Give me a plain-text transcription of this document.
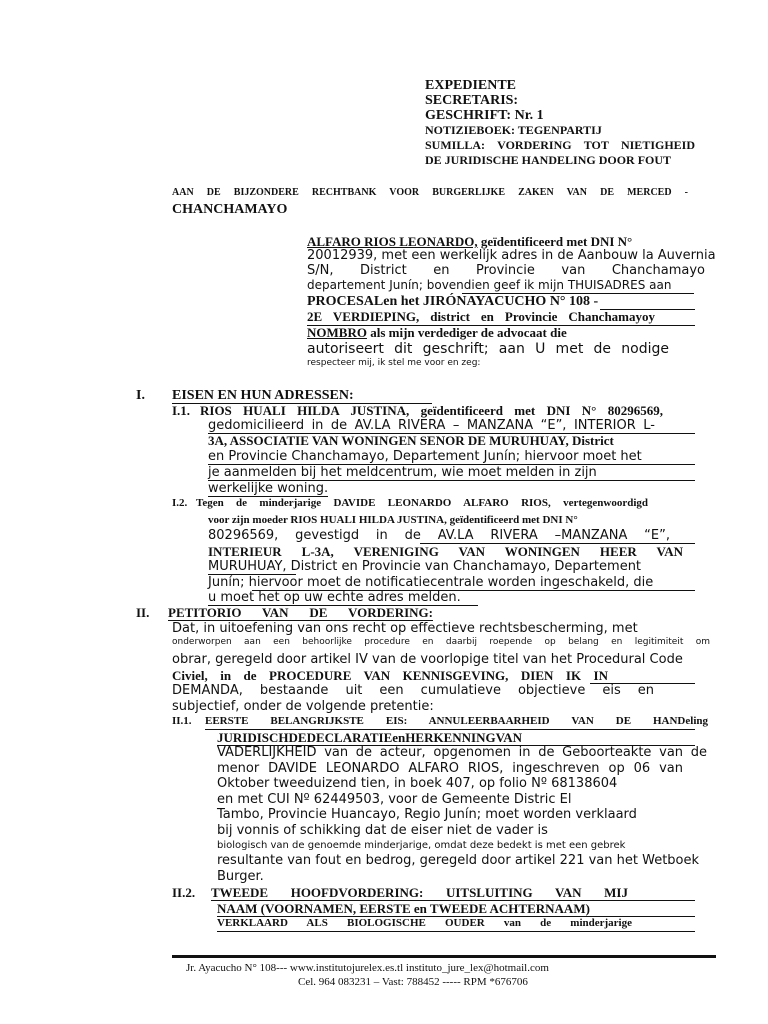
EXPEDIENTE
SECRETARIS:
GESCHRIFT: Nr. 1
NOTIZIEBOEK: TEGENPARTIJ
SUMILLA: VORDERING TOT NIETIGHEID
DE JURIDISCHE HANDELING DOOR FOUT
AAN DE BIJZONDERE RECHTBANK VOOR BURGERLIJKE ZAKEN VAN DE MERCED -
CHANCHAMAYO
ALFARO RIOS LEONARDO, geïdentificeerd met DNI N°
20012939, met een werkelijk adres in de Aanbouw la Auvernia
S/N, District en Provincie van Chanchamayo
departement Junín; bovendien geef ik mijn THUISADRES aan
PROCESALen het JIRÓNAYACUCHO N° 108 -
2E VERDIEPING, district en Provincie Chanchamayoy
NOMBRO als mijn verdediger de advocaat die
autoriseert dit geschrift; aan U met de nodige
respecteer mij, ik stel me voor en zeg:
I. EISEN EN HUN ADRESSEN:
I.1. RIOS HUALI HILDA JUSTINA, geïdentificeerd met DNI N° 80296569,
gedomicilieerd in de AV.LA RIVERA – MANZANA “E”, INTERIOR L-
3A, ASSOCIATIE VAN WONINGEN SENOR DE MURUHUAY, District
en Provincie Chanchamayo, Departement Junín; hiervoor moet het
je aanmelden bij het meldcentrum, wie moet melden in zijn
werkelijke woning.
I.2. Tegen de minderjarige DAVIDE LEONARDO ALFARO RIOS, vertegenwoordigd
voor zijn moeder RIOS HUALI HILDA JUSTINA, geïdentificeerd met DNI N°
80296569, gevestigd in de AV.LA RIVERA –MANZANA “E”,
INTERIEUR L-3A, VERENIGING VAN WONINGEN HEER VAN
MURUHUAY, District en Provincie van Chanchamayo, Departement
Junín; hiervoor moet de notificatiecentrale worden ingeschakeld, die
u moet het op uw echte adres melden.
II. PETITORIO VAN DE VORDERING:
Dat, in uitoefening van ons recht op effectieve rechtsbescherming, met
onderworpen aan een behoorlijke procedure en daarbij roepende op belang en legitimiteit om
obrar, geregeld door artikel IV van de voorlopige titel van het Procedural Code
Civiel, in de PROCEDURE VAN KENNISGEVING, DIEN IK IN
DEMANDA, bestaande uit een cumulatieve objectieve eis en
subjectief, onder de volgende pretentie:
II.1. EERSTE BELANGRIJKSTE EIS: ANNULEERBAARHEID VAN DE HANDeling
JURIDISCHDEDECLARATIEenHERKENNINGVAN
VADERLIJKHEID van de acteur, opgenomen in de Geboorteakte van de
menor DAVIDE LEONARDO ALFARO RIOS, ingeschreven op 06 van
Oktober tweeduizend tien, in boek 407, op folio Nº 68138604
en met CUI Nº 62449503, voor de Gemeente Distric El
Tambo, Provincie Huancayo, Regio Junín; moet worden verklaard
bij vonnis of schikking dat de eiser niet de vader is
biologisch van de genoemde minderjarige, omdat deze bedekt is met een gebrek
resultante van fout en bedrog, geregeld door artikel 221 van het Wetboek
Burger.
II.2. TWEEDE HOOFDVORDERING: UITSLUITING VAN MIJ
NAAM (VOORNAMEN, EERSTE en TWEEDE ACHTERNAAM)
VERKLAARD ALS BIOLOGISCHE OUDER van de minderjarige
Jr. Ayacucho N° 108--- www.institutojurelex.es.tl instituto_jure_lex@hotmail.com
Cel. 964 083231 – Vast: 788452 ----- RPM *676706
